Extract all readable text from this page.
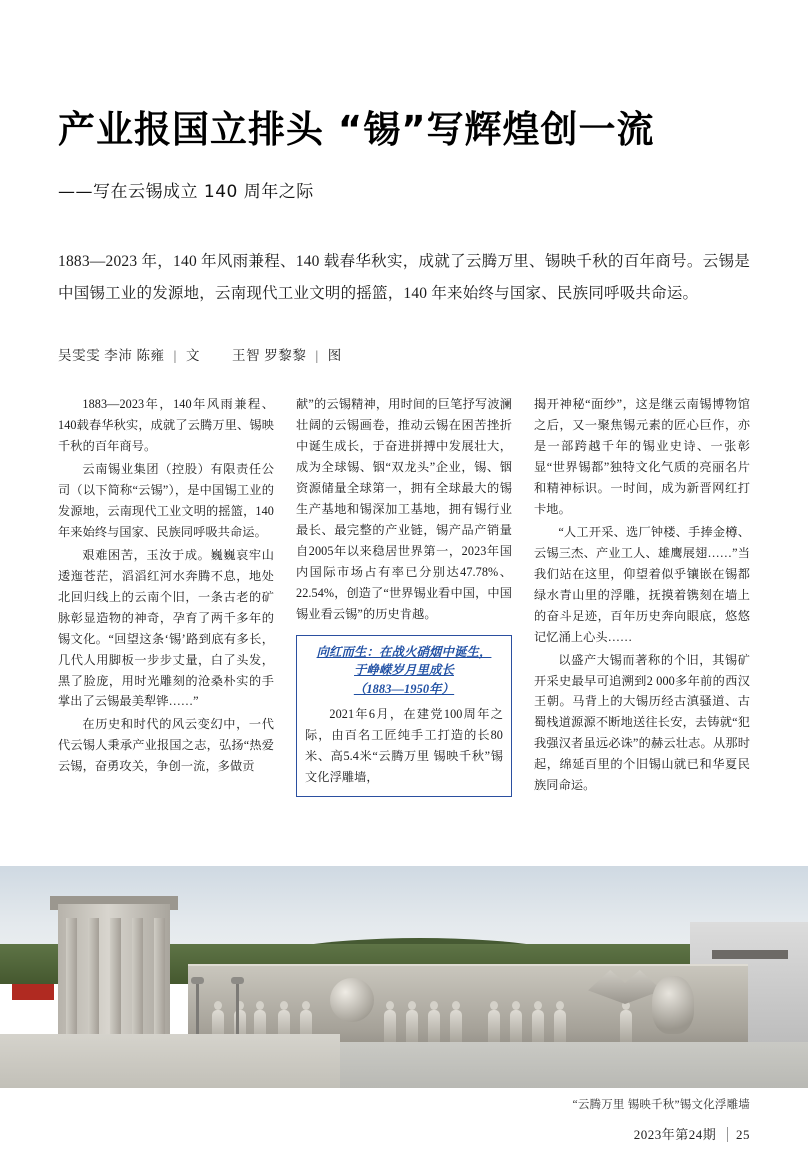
产业报国立排头 “锡”写辉煌创一流
——写在云锡成立 140 周年之际
1883—2023 年，140 年风雨兼程、140 载春华秋实，成就了云腾万里、锡映千秋的百年商号。云锡是中国锡工业的发源地，云南现代工业文明的摇篮，140 年来始终与国家、民族同呼吸共命运。
吴雯雯 李沛 陈雍 | 文 王智 罗黎黎 | 图

1883—2023年，140年风雨兼程、140载春华秋实，成就了云腾万里、锡映千秋的百年商号。

云南锡业集团（控股）有限责任公司（以下简称“云锡”），是中国锡工业的发源地，云南现代工业文明的摇篮，140年来始终与国家、民族同呼吸共命运。

艰难困苦，玉汝于成。巍巍哀牢山逶迤苍茫，滔滔红河水奔腾不息，地处北回归线上的云南个旧，一条古老的矿脉彰显造物的神奇，孕育了两千多年的锡文化。“回望这条‘锡’路到底有多长，几代人用脚板一步步丈量，白了头发，黑了脸庞，用时光雕刻的沧桑朴实的手掌出了云锡最美犁铧……”

在历史和时代的风云变幻中，一代代云锡人秉承产业报国之志，弘扬“热爱云锡，奋勇攻关，争创一流，多做贡

献”的云锡精神，用时间的巨笔抒写波澜壮阔的云锡画卷，推动云锡在困苦挫折中诞生成长，于奋进拼搏中发展壮大，成为全球锡、铟“双龙头”企业，锡、铟资源储量全球第一，拥有全球最大的锡生产基地和锡深加工基地，拥有锡行业最长、最完整的产业链，锡产品产销量自2005年以来稳居世界第一，2023年国内国际市场占有率已分别达47.78%、22.54%，创造了“世界锡业看中国，中国锡业看云锡”的历史肯越。

向红而生：在战火硝烟中诞生，
于峥嵘岁月里成长
（1883—1950年）
2021年6月，在建党100周年之际，由百名工匠纯手工打造的长80米、高5.4米“云腾万里 锡映千秋”锡文化浮雕墙，

揭开神秘“面纱”，这是继云南锡博物馆之后，又一聚焦锡元素的匠心巨作，亦是一部跨越千年的锡业史诗、一张彰显“世界锡都”独特文化气质的亮丽名片和精神标识。一时间，成为新晋网红打卡地。

“人工开采、选厂钟楼、手捧金樽、云锡三杰、产业工人、雄鹰展翅……”当我们站在这里，仰望着似乎镶嵌在锡都绿水青山里的浮雕，抚摸着镌刻在墙上的奋斗足迹，百年历史奔向眼底，悠悠记忆涌上心头……

以盛产大锡而著称的个旧，其锡矿开采史最早可追溯到2 000多年前的西汉王朝。马背上的大锡历经古滇骚道、古蜀栈道源源不断地送往长安，去铸就“犯我强汉者虽远必诛”的赫云壮志。从那时起，绵延百里的个旧锡山就已和华夏民族同命运。

“云腾万里 锡映千秋”锡文化浮雕墙
2023年第24期 25
